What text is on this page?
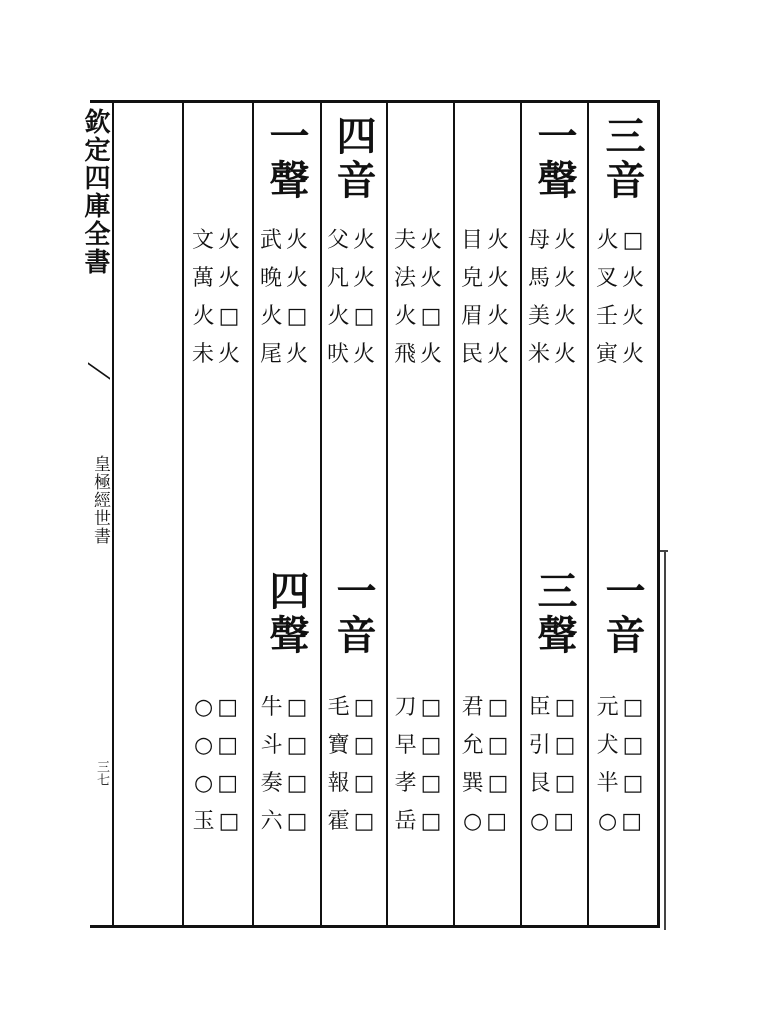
欽定四庫全書
皇極經世書
三七
三音
□火
叉火
壬火
寅火
一聲
母火
馬火
美火
米火
目火
皃火
眉火
民火
夫火
法火
□火
飛火
四音
父火
凡火
□火
吠火
一聲
武火
晚火
□火
尾火
文火
萬火
□火
未火
一音
□元
□犬
□半
□○
三聲
□臣
□引
□艮
□○
□君
□允
□巽
□○
□刀
□早
□孝
□岳
一音
□毛
□寶
□報
□霍
四聲
□牛
□斗
□奏
□六
□○
□○
□○
□玉
